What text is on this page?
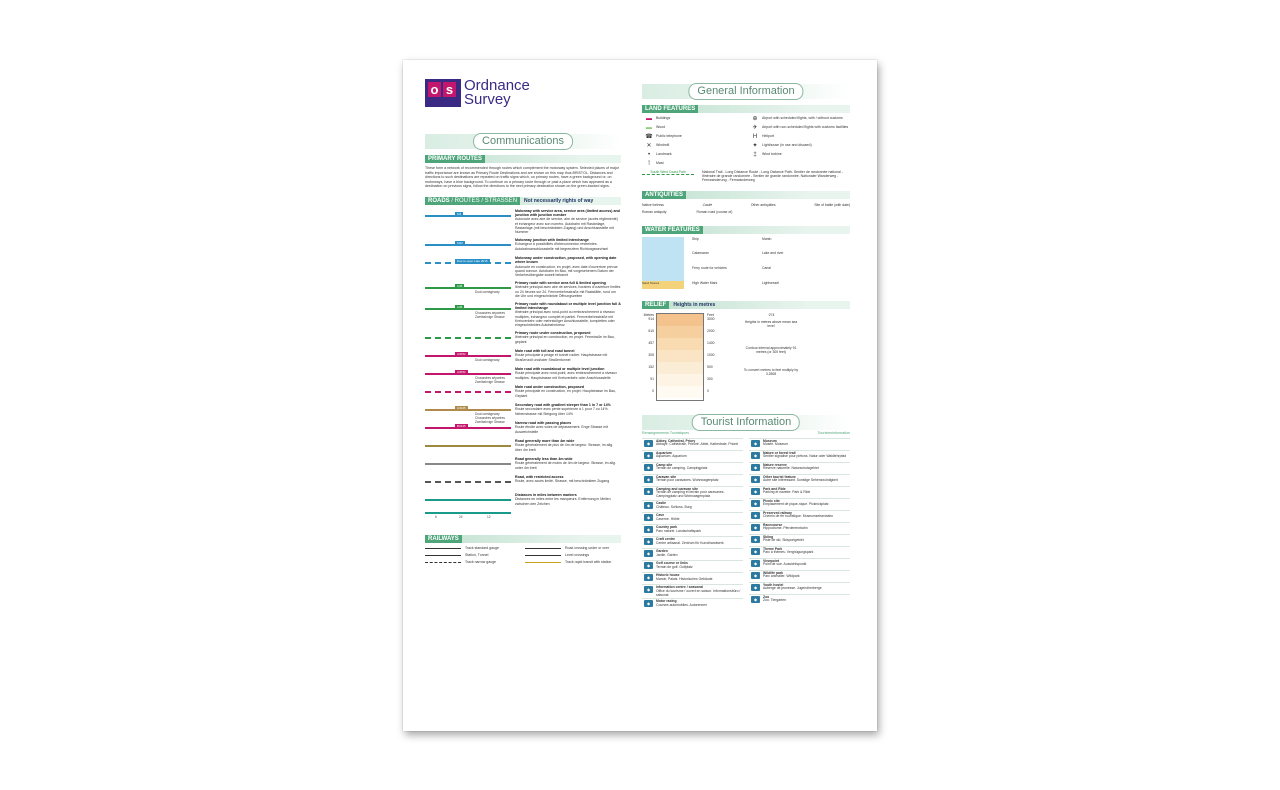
o s Ordnance
Survey
Communications
PRIMARY ROUTES
These form a network of recommended through routes which complement the motorway system. Selected places of major traffic importance are known as Primary Route Destinations and are shown on this map thus BRISTOL. Distances and directions to such destinations are repeated on traffic signs which, on primary routes, have a green background or, on motorways, have a blue background. To continue on a primary route through or past a place which has appeared as a destination on previous signs, follow the directions to the next primary destination shown on the green-backed signs.
ROADS / ROUTES / STRASSEN	Not necessarily rights of way
M4
Motorway with service area, service area (limited access) and junction with junction number
Autoroute avec aire de service, aire de service (accès réglementé) et échangeur avec son numéro. Autobahn mit Rastanlage, Rastanlage (mit beschränktem Zugang) und Anschlussstelle mit Nummer
M42
Motorway junction with limited interchange
Echangeur à possibilités d'interconnexion restreintes. Autobahnanschlussstelle mit begrenztem Richtungswechsel
Due to open Late 2015
Motorway under construction, proposed, with opening date where known
Autoroute en construction, en projet, avec date d'ouverture prévue quand connue. Autobahn im Bau, mit vorgesehenem Datum der Verkehrsübergabe soweit bekannt
A38
Dual carriageway
Primary route with service area full & limited opening
Itinéraire principal avec aire de services, horaires d'ouverture limités ou 24 heures sur 24. Fernverkehrsstraße mit Raststätte, rund um die Uhr und eingeschränkte Öffnungszeiten
A38
Chaussées séparées Zweibahnige Strasse
Primary route with roundabout or multiple level junction full & limited interchange
Itinéraire principal avec rond-point ou embranchement à niveaux multiples, échangeur complet et partiel. Fernverkehrsstraße mit Kreisverkehr oder mehrstufiger Anschlussstelle, komplettes oder eingeschränktes Autobahnkreuz
Primary route under construction, proposed
Itinéraire principal en construction, en projet. Fernstraße im Bau, geplant
A3052
Dual carriageway
Main road with toll and road tunnel
Route principale à péage et tunnel routier. Hauptstrasse mit Straßenzoll und/oder Straßentunnel
A3052
Chaussées séparées Zweibahnige Strasse
Main road with roundabout or multiple level junction
Route principale avec rond-point, avec embranchement à niveaux multiples. Hauptstrasse mit Kreisverkehr oder Anschlussstelle
Main road under construction, proposed
Route principale en construction, en projet. Hauptstrasse im Bau, Geplant
A3245
Dual carriageway Chaussées séparées Zweibahnige Strasse
Secondary road with gradient steeper than 1 in 7 or 14%
Route secondaire avec pente supérieure à 1 pour 7 ou 14%. Nebenstrasse mit Steigung über 14%
B3245
Narrow road with passing places
Route étroite avec voies de dépassement. Enge Strasse mit Ausweichstelle
Road generally more than 4m wide
Route généralement de plus de 4m de largeur. Strasse, im allg. über 4m breit
Road generally less than 4m wide
Route généralement de moins de 4m de largeur. Strasse, im allg. unter 4m breit
Road, with restricted access
Route, avec accès limité. Strasse, mit beschränktem Zugang
Distances in miles between markers
Distances en miles entre les marqueurs. Entfernung in Meilen zwischen den Zeichen
6	24	12
RAILWAYS
Track standard gauge	Road crossing under or over
Station, Tunnel	Level crossings
Track narrow gauge	Track rapid transit with station
General Information
LAND FEATURES
▬	Buildings	⊕	Airport with scheduled flights, with / without customs
▬	Wood	✈	Airport with non-scheduled flights with customs facilities
☎ Public telephone	H	Heliport
✕	Windmill	✦	Lighthouse (in use and disused)
•	Landmark	‡	Wind turbine
⊺	Mast
South West Coast Path	National Trail - Long Distance Route - Long Distance Path. Sentier de randonnée national - Itinéraire de grande randonnée - Sentier de grande randonnée. Nationaler Wanderweg - Fernwanderung - Fernwanderweg
ANTIQUITIES
Native fortress	Castle	Other antiquities	Site of battle (with date)
Roman antiquity	Roman road (course of)
WATER FEATURES
Sand Stones
Ship	Marsh
Catamaran	Lake and river
Ferry route for vehicles	Canal
High Water Mark	Lightvessel
RELIEF	Heights in metres
Metres
914
610
457
305
152
91
0
Feet
3000
2000
1400
1000
500
300
0
·274
Heights in metres above mean sea level
Contour interval approximately 91 metres (or 300 feet)
To convert metres to feet multiply by 3.2808
Tourist Information
Renseignements Touristiques	Touristeninformation
◆	Abbey, Cathedral, Priory
Abbaye, Cathédrale, Prieuré. Abtei, Kathedrale, Priorei
◆	Aquarium
Aquarium. Aquarium
◆	Camp site
Terrain de camping. Campingplatz
◆	Caravan site
Terrain pour caravanes. Wohnwagenplatz
◆	Camping and caravan site
Terrain de camping et terrain pour caravanes. Campingplatz und Wohnwagenplatz
◆	Castle
Château. Schloss, Burg
◆	Cave
Caverne. Höhle
◆	Country park
Parc naturel. Landschaftspark
◆	Craft centre
Centre artisanal. Zentrum für Kunsthandwerk
◆	Garden
Jardin. Garten
◆	Golf course or links
Terrain de golf. Golfplatz
◆	Historic house
Manoir, Palais. Historisches Gebäude
◆	Information centre / seasonal
Office du tourisme / ouvert en saison. Informationsbüro / saisonal
◆	Motor racing
Courses automobiles. Autorennen
◆	Museum
Musée. Museum
◆	Nature or forest trail
Sentier signalisé pour piétons. Natur oder Waldlehrpfad
◆	Nature reserve
Réserve naturelle. Naturschutzgebiet
◆	Other tourist feature
Autre site intéressant. Sonstige Sehenswürdigkeit
◆	Park and Ride
Parking et navette. Park & Ride
◆	Picnic site
Emplacement de pique-nique. Picknickplatz
◆	Preserved railway
Chemin de fer touristique. Museumseisenbahn
◆	Racecourse
Hippodrome. Pferderennbahn
◆	Skiing
Piste de ski. Skisportgebiet
◆	Theme Park
Parc à thèmes. Vergnügungspark
◆	Viewpoint
Point de vue. Aussichtspunkt
◆	Wildlife park
Parc animalier. Wildpark
◆	Youth hostel
Auberge de jeunesse. Jugendherberge
◆	Zoo
Zoo. Tiergarten
